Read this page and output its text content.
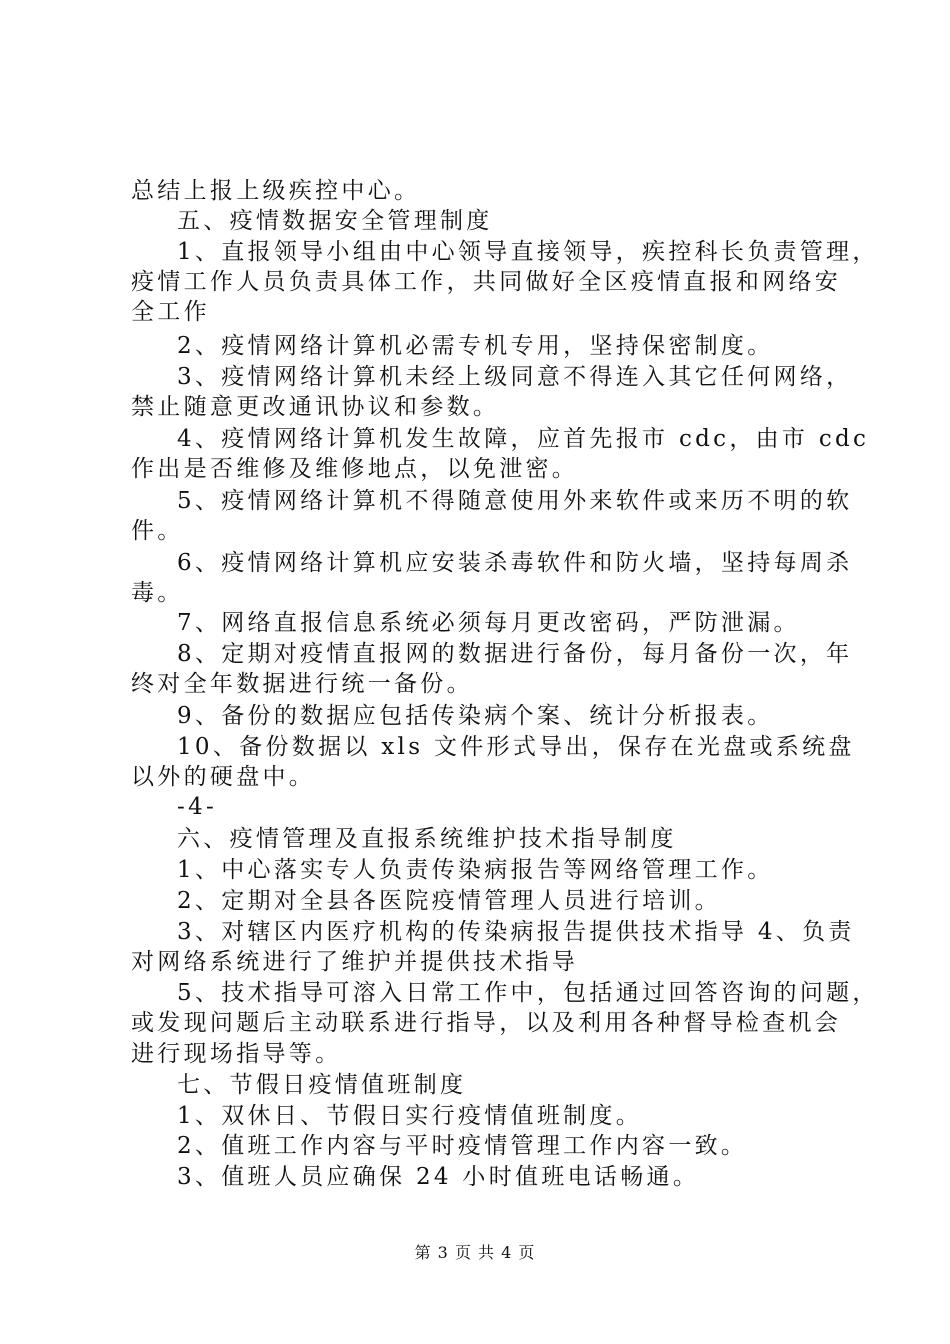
总结上报上级疾控中心。
五、疫情数据安全管理制度
1、直报领导小组由中心领导直接领导，疾控科长负责管理，
疫情工作人员负责具体工作，共同做好全区疫情直报和网络安
全工作
2、疫情网络计算机必需专机专用，坚持保密制度。
3、疫情网络计算机未经上级同意不得连入其它任何网络，
禁止随意更改通讯协议和参数。
4、疫情网络计算机发生故障，应首先报市 cdc，由市 cdc
作出是否维修及维修地点，以免泄密。
5、疫情网络计算机不得随意使用外来软件或来历不明的软
件。
6、疫情网络计算机应安装杀毒软件和防火墙，坚持每周杀
毒。
7、网络直报信息系统必须每月更改密码，严防泄漏。
8、定期对疫情直报网的数据进行备份，每月备份一次，年
终对全年数据进行统一备份。
9、备份的数据应包括传染病个案、统计分析报表。
10、备份数据以 xls 文件形式导出，保存在光盘或系统盘
以外的硬盘中。
-4-
六、疫情管理及直报系统维护技术指导制度
1、中心落实专人负责传染病报告等网络管理工作。
2、定期对全县各医院疫情管理人员进行培训。
3、对辖区内医疗机构的传染病报告提供技术指导 4、负责
对网络系统进行了维护并提供技术指导
5、技术指导可溶入日常工作中，包括通过回答咨询的问题，
或发现问题后主动联系进行指导，以及利用各种督导检查机会
进行现场指导等。
七、节假日疫情值班制度
1、双休日、节假日实行疫情值班制度。
2、值班工作内容与平时疫情管理工作内容一致。
3、值班人员应确保 24 小时值班电话畅通。
第 3 页 共 4 页
